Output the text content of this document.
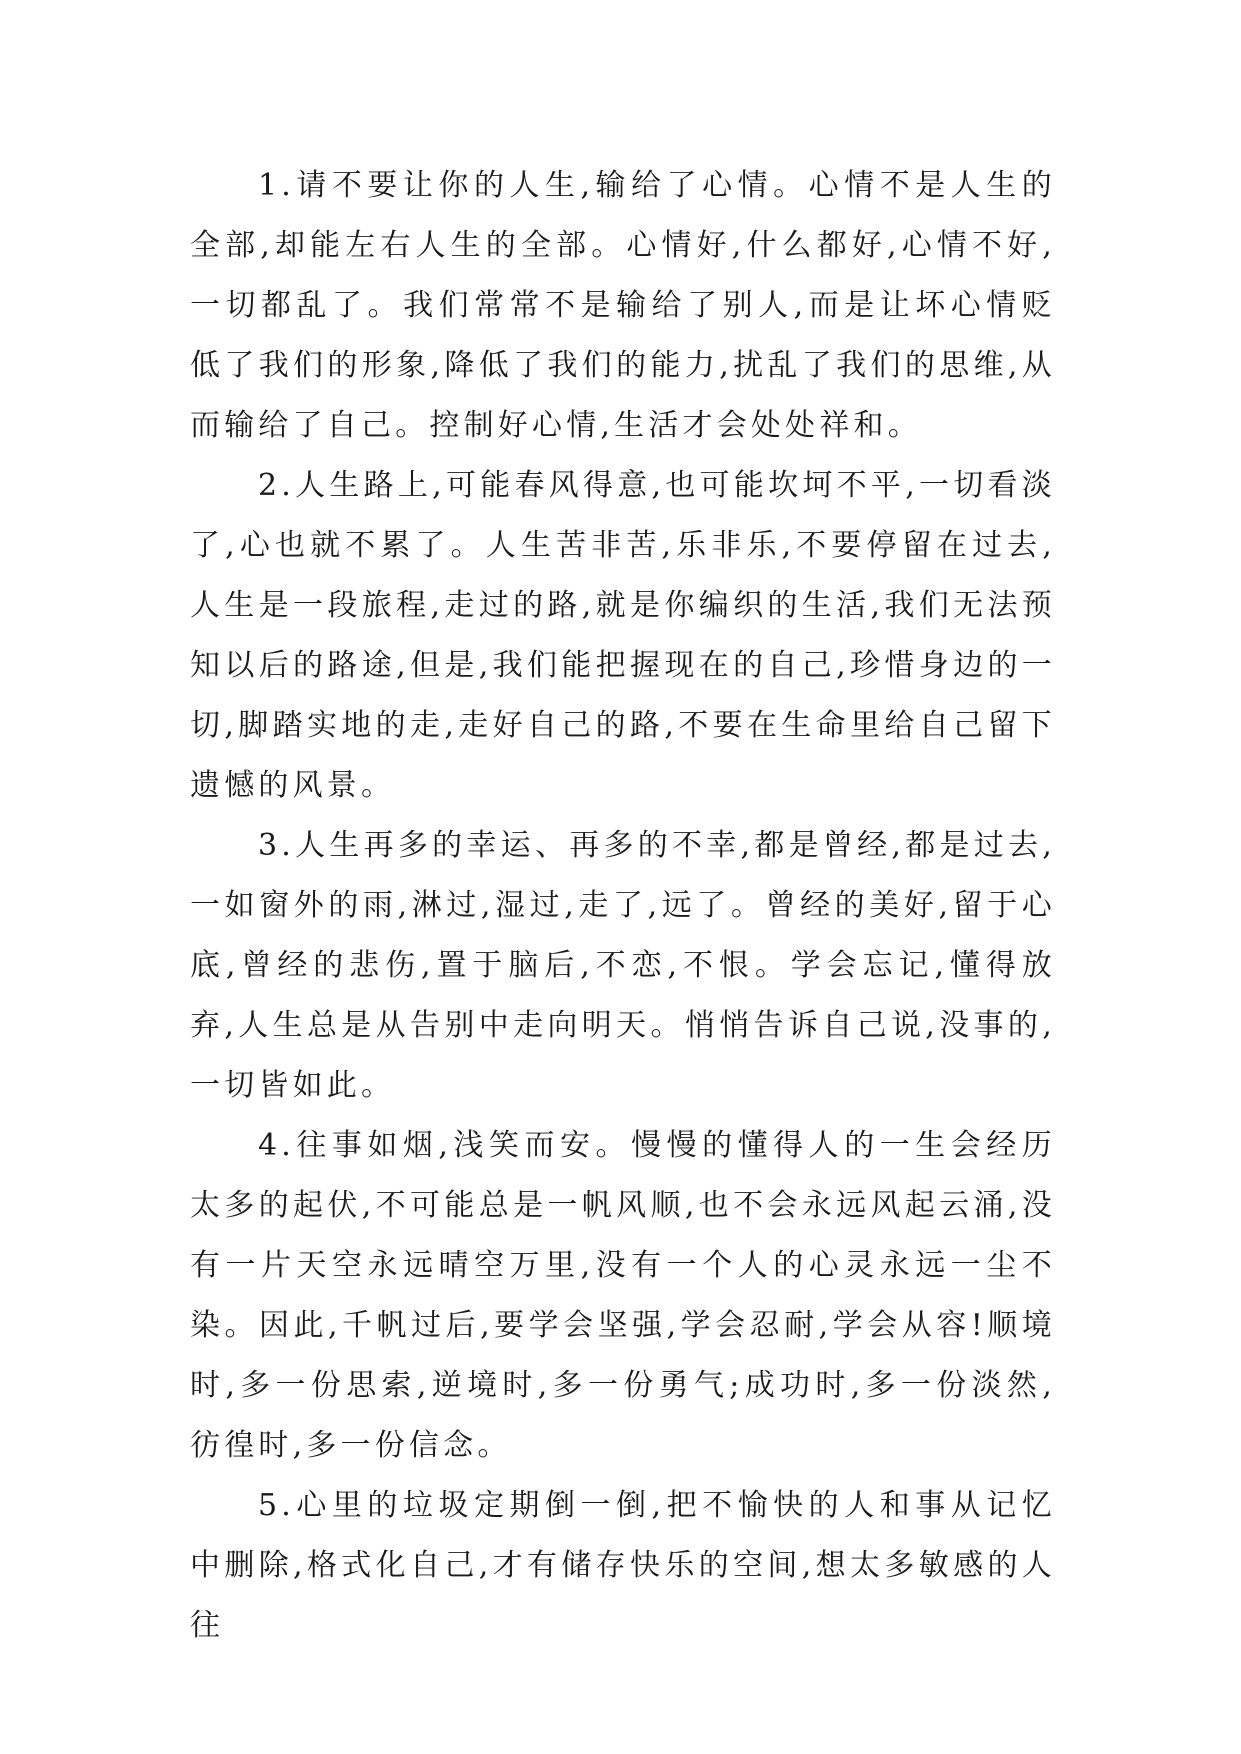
1.请不要让你的人生,输给了心情。心情不是人生的全部,却能左右人生的全部。心情好,什么都好,心情不好,一切都乱了。我们常常不是输给了别人,而是让坏心情贬低了我们的形象,降低了我们的能力,扰乱了我们的思维,从而输给了自己。控制好心情,生活才会处处祥和。

2.人生路上,可能春风得意,也可能坎坷不平,一切看淡了,心也就不累了。人生苦非苦,乐非乐,不要停留在过去,人生是一段旅程,走过的路,就是你编织的生活,我们无法预知以后的路途,但是,我们能把握现在的自己,珍惜身边的一切,脚踏实地的走,走好自己的路,不要在生命里给自己留下遗憾的风景。

3.人生再多的幸运、再多的不幸,都是曾经,都是过去,一如窗外的雨,淋过,湿过,走了,远了。曾经的美好,留于心底,曾经的悲伤,置于脑后,不恋,不恨。学会忘记,懂得放弃,人生总是从告别中走向明天。悄悄告诉自己说,没事的,一切皆如此。

4.往事如烟,浅笑而安。慢慢的懂得人的一生会经历太多的起伏,不可能总是一帆风顺,也不会永远风起云涌,没有一片天空永远晴空万里,没有一个人的心灵永远一尘不染。因此,千帆过后,要学会坚强,学会忍耐,学会从容!顺境时,多一份思索,逆境时,多一份勇气;成功时,多一份淡然,彷徨时,多一份信念。

5.心里的垃圾定期倒一倒,把不愉快的人和事从记忆中删除,格式化自己,才有储存快乐的空间,想太多敏感的人往
